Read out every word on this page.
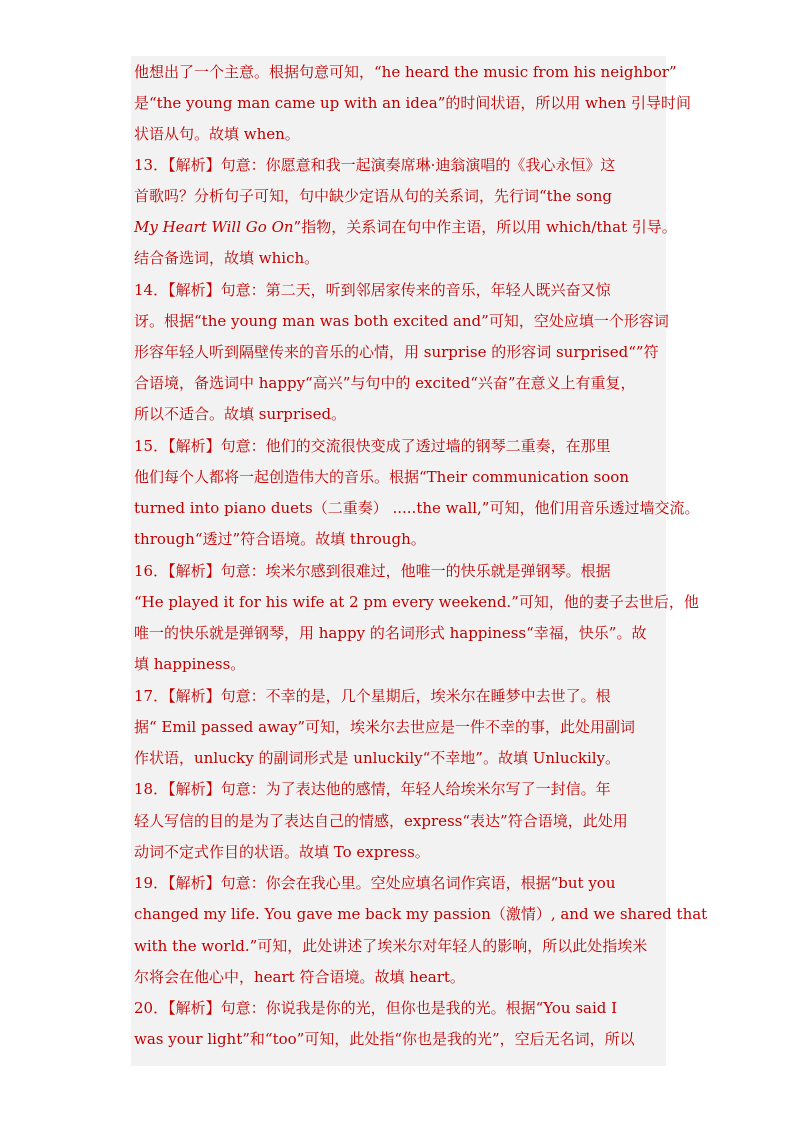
他想出了一个主意。根据句意可知，“he heard the music from his neighbor”
是“the young man came up with an idea”的时间状语，所以用 when 引导时间
状语从句。故填 when。
13．【解析】句意：你愿意和我一起演奏席琳·迪翁演唱的《我心永恒》这
首歌吗？分析句子可知，句中缺少定语从句的关系词，先行词“the song
My Heart Will Go On”指物，关系词在句中作主语，所以用 which/that 引导。
结合备选词，故填 which。
14．【解析】句意：第二天，听到邻居家传来的音乐，年轻人既兴奋又惊
讶。根据“the young man was both excited and”可知，空处应填一个形容词
形容年轻人听到隔壁传来的音乐的心情，用 surprise 的形容词 surprised“”符
合语境，备选词中 happy“高兴”与句中的 excited“兴奋”在意义上有重复，
所以不适合。故填 surprised。
15．【解析】句意：他们的交流很快变成了透过墙的钢琴二重奏，在那里
他们每个人都将一起创造伟大的音乐。根据“Their communication soon
turned into piano duets（二重奏） .....the wall,”可知，他们用音乐透过墙交流。
through“透过”符合语境。故填 through。
16．【解析】句意：埃米尔感到很难过，他唯一的快乐就是弹钢琴。根据
“He played it for his wife at 2 pm every weekend.”可知，他的妻子去世后，他
唯一的快乐就是弹钢琴，用 happy 的名词形式 happiness“幸福，快乐”。故
填 happiness。
17．【解析】句意：不幸的是，几个星期后，埃米尔在睡梦中去世了。根
据“ Emil passed away”可知，埃米尔去世应是一件不幸的事，此处用副词
作状语，unlucky 的副词形式是 unluckily“不幸地”。故填 Unluckily。
18．【解析】句意：为了表达他的感情，年轻人给埃米尔写了一封信。年
轻人写信的目的是为了表达自己的情感，express“表达”符合语境，此处用
动词不定式作目的状语。故填 To express。
19．【解析】句意：你会在我心里。空处应填名词作宾语，根据“but you
changed my life. You gave me back my passion（激情）, and we shared that
with the world.”可知，此处讲述了埃米尔对年轻人的影响，所以此处指埃米
尔将会在他心中，heart 符合语境。故填 heart。
20．【解析】句意：你说我是你的光，但你也是我的光。根据“You said I
was your light”和“too”可知，此处指“你也是我的光”，空后无名词，所以
